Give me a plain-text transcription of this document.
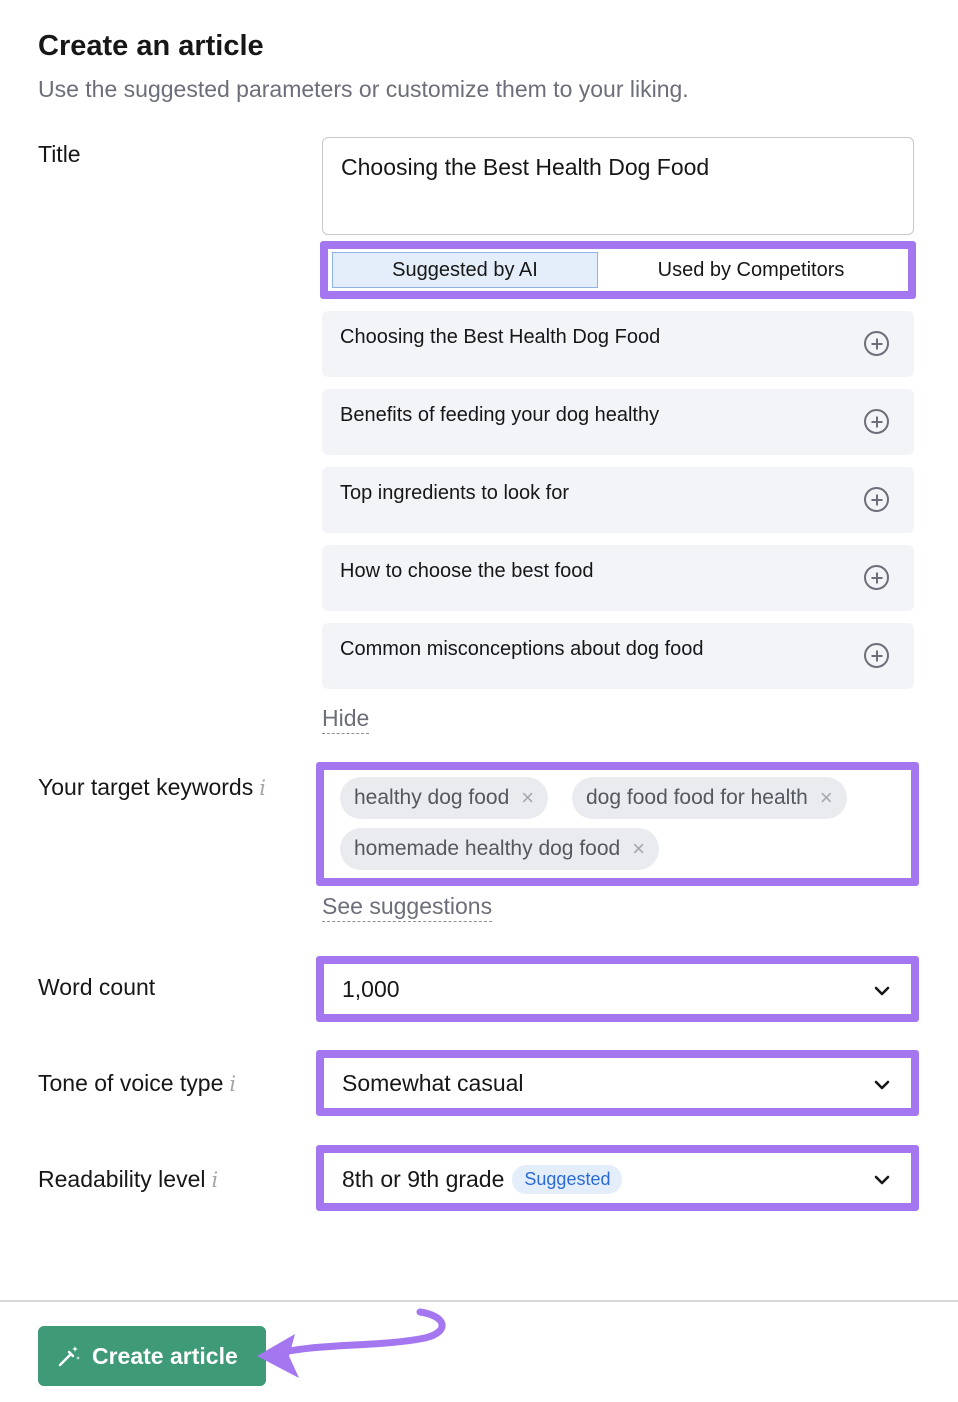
Create an article
Use the suggested parameters or customize them to your liking.
Title	Choosing the Best Health Dog Food
Suggested by AI	Used by Competitors
Choosing the Best Health Dog Food
Benefits of feeding your dog healthy
Top ingredients to look for
How to choose the best food
Common misconceptions about dog food
Hide
Your target keywords i	healthy dog food × dog food food for health ×
homemade healthy dog food ×
See suggestions
Word count	1,000
Tone of voice type i	Somewhat casual
Readability level i	8th or 9th grade	Suggested
Create article
